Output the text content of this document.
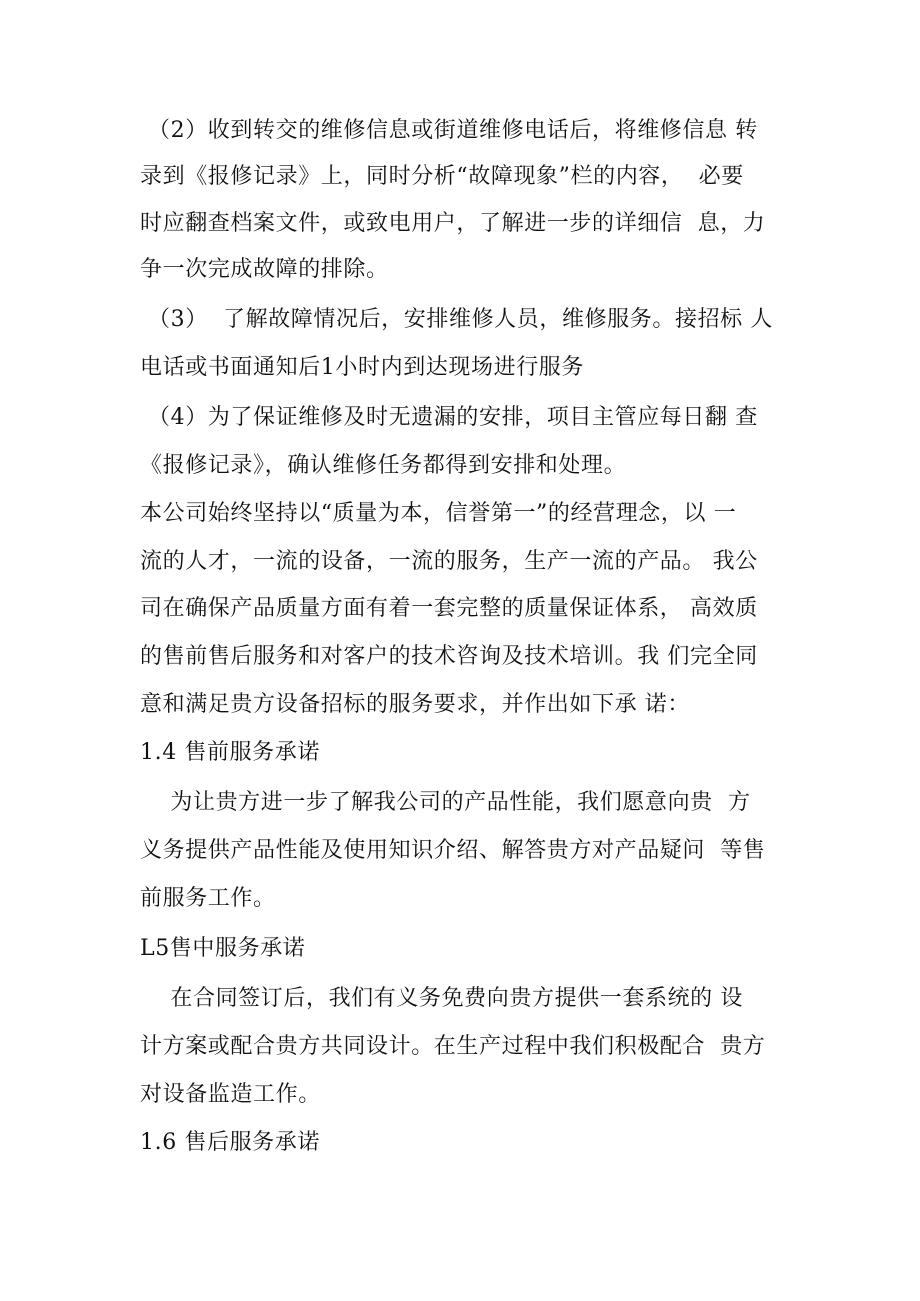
（2）收到转交的维修信息或街道维修电话后，将维修信息 转
录到《报修记录》上，同时分析“故障现象”栏的内容，  必要
时应翻查档案文件，或致电用户，了解进一步的详细信  息，力
争一次完成故障的排除。
（3）  了解故障情况后，安排维修人员，维修服务。接招标 人
电话或书面通知后1小时内到达现场进行服务
（4）为了保证维修及时无遗漏的安排，项目主管应每日翻 查
《报修记录》，确认维修任务都得到安排和处理。
本公司始终坚持以“质量为本，信誉第一”的经营理念，以 一
流的人才，一流的设备，一流的服务，生产一流的产品。 我公
司在确保产品质量方面有着一套完整的质量保证体系， 高效质
的售前售后服务和对客户的技术咨询及技术培训。我 们完全同
意和满足贵方设备招标的服务要求，并作出如下承 诺：
1.4 售前服务承诺
为让贵方进一步了解我公司的产品性能，我们愿意向贵  方
义务提供产品性能及使用知识介绍、解答贵方对产品疑问  等售
前服务工作。
L5售中服务承诺
在合同签订后，我们有义务免费向贵方提供一套系统的 设
计方案或配合贵方共同设计。在生产过程中我们积极配合  贵方
对设备监造工作。
1.6 售后服务承诺
